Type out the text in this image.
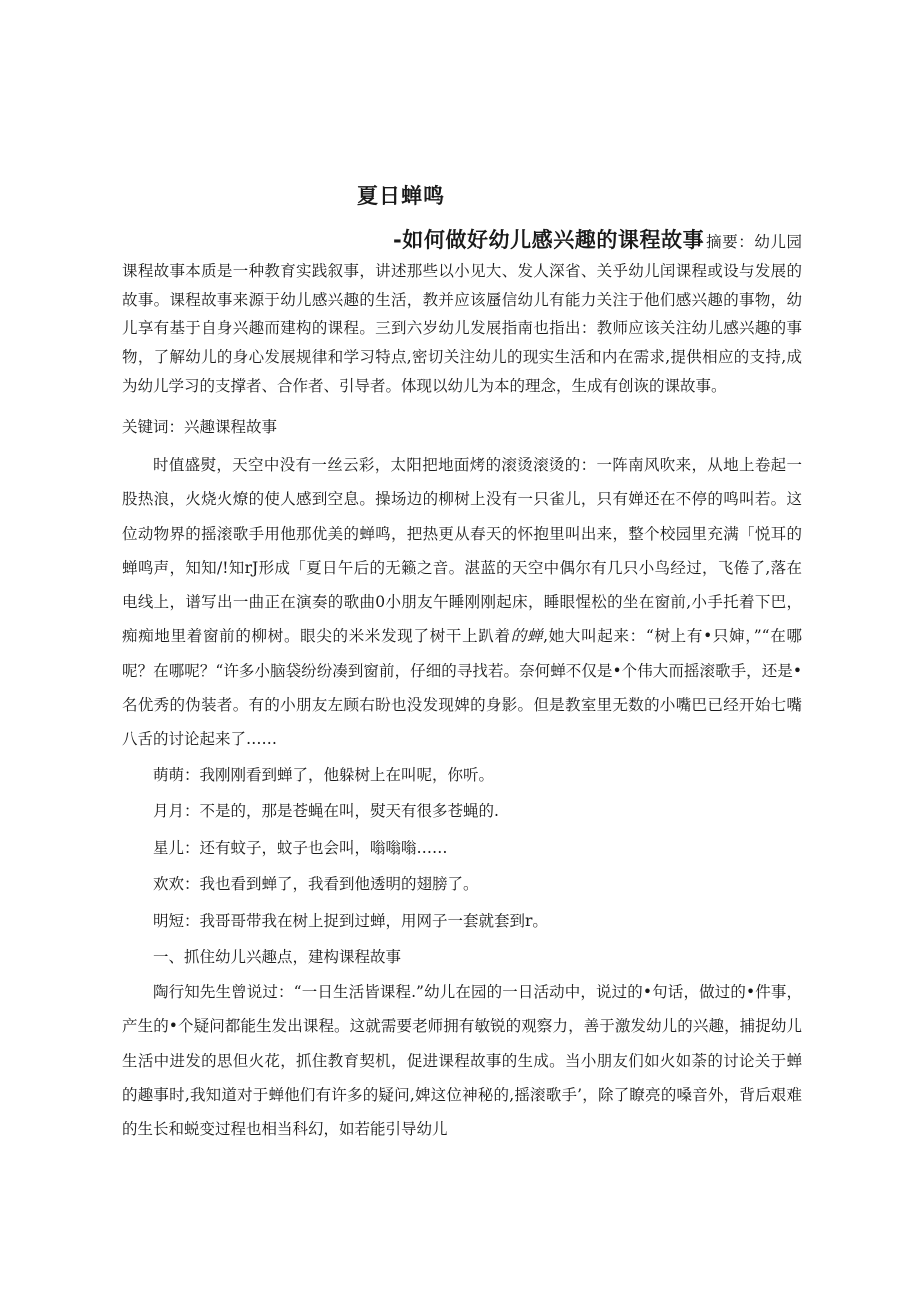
夏日蝉鸣

-如何做好幼儿感兴趣的课程故事 摘要：幼儿园课程故事本质是一种教育实践叙事，讲述那些以小见大、发人深省、关乎幼儿闰课程或设与发展的故事。课程故事来源于幼儿感兴趣的生活，教并应该蜃信幼儿有能力关注于他们感兴趣的事物，幼儿享有基于自身兴趣而建构的课程。三到六岁幼儿发展指南也指出：教师应该关注幼儿感兴趣的事物，了解幼儿的身心发展规律和学习特点,密切关注幼儿的现实生活和内在需求,提供相应的支持,成为幼儿学习的支撑者、合作者、引导者。体现以幼儿为本的理念，生成有创诙的课故事。

关键词：兴趣课程故事

时值盛熨，天空中没有一丝云彩，太阳把地面烤的滚烫滚烫的：一阵南风吹来，从地上卷起一股热浪，火烧火燎的使人感到空息。操场边的柳树上没有一只雀儿，只有婵还在不停的鸣叫若。这位动物界的摇滚歌手用他那优美的蝉鸣，把热更从春天的怀抱里叫出来，整个校园里充满「悦耳的蝉鸣声，知知/!知rJ形成「夏日午后的无籁之音。湛蓝的天空中偶尔有几只小鸟经过，飞倦了,落在电线上，谱写出一曲正在演奏的歌曲0小朋友午睡刚刚起床，睡眼惺松的坐在窗前,小手托着下巴，痴痴地里着窗前的柳树。眼尖的米米发现了树干上趴着的蝉,她大叫起来：“树上有•只婶，”“在哪呢？在哪呢？“许多小脑袋纷纷凑到窗前，仔细的寻找若。奈何蝉不仅是•个伟大而摇滚歌手，还是•名优秀的伪装者。有的小朋友左顾右盼也没发现婢的身影。但是教室里无数的小嘴巴已经开始七嘴八舌的讨论起来了……

萌萌：我刚刚看到蝉了，他躲树上在叫呢，你听。

月月：不是的，那是苍蝇在叫，熨天有很多苍蝇的.

星儿：还有蚊子，蚊子也会叫，嗡嗡嗡……

欢欢：我也看到蝉了，我看到他透明的翅膀了。

明短：我哥哥带我在树上捉到过蝉，用网子一套就套到r。

一、抓住幼儿兴趣点，建构课程故事

陶行知先生曾说过：“一日生活皆课程.”幼儿在园的一日活动中，说过的•句话，做过的•件事，产生的•个疑问都能生发出课程。这就需要老师拥有敏锐的观察力，善于激发幼儿的兴趣，捕捉幼儿生活中进发的思但火花，抓住教育契机，促进课程故事的生成。当小朋友们如火如荼的讨论关于蝉的趣事时,我知道对于蝉他们有许多的疑问,婢这位神秘的,摇滚歌手’，除了瞭亮的嗓音外，背后艰难的生长和蜕变过程也相当科幻，如若能引导幼儿
